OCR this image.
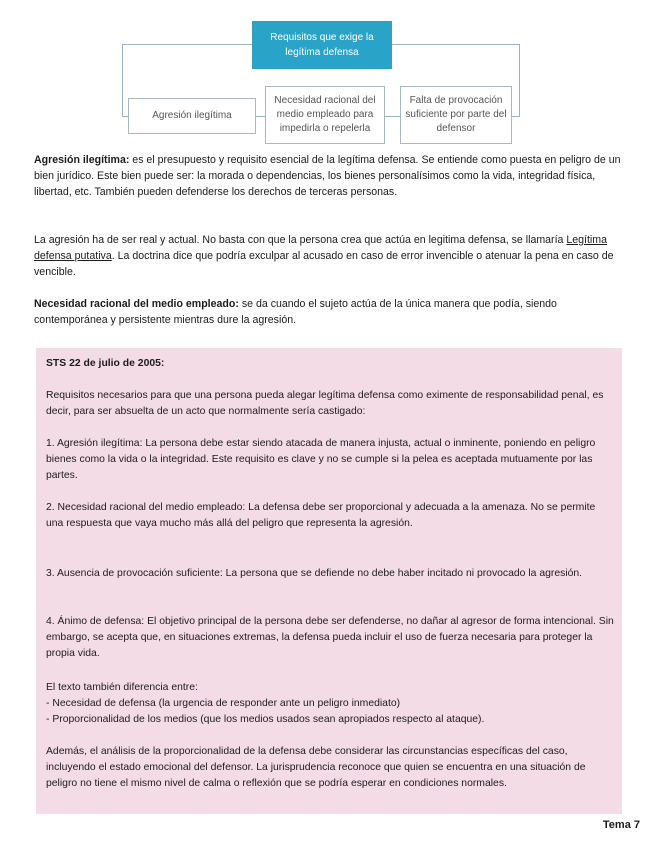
Requisitos que exige la legítima defensa
Agresión ilegítima
Necesidad racional del medio empleado para impedirla o repelerla
Falta de provocación suficiente por parte del defensor

Agresión ilegítima: es el presupuesto y requisito esencial de la legítima defensa. Se entiende como puesta en peligro de un bien jurídico. Este bien puede ser: la morada o dependencias, los bienes personalísimos como la vida, integridad física, libertad, etc. También pueden defenderse los derechos de terceras personas.

La agresión ha de ser real y actual. No basta con que la persona crea que actúa en legitima defensa, se llamaría Legítima defensa putativa. La doctrina dice que podría exculpar al acusado en caso de error invencible o atenuar la pena en caso de vencible.

Necesidad racional del medio empleado: se da cuando el sujeto actúa de la única manera que podía, siendo contemporánea y persistente mientras dure la agresión.

STS 22 de julio de 2005:

Requisitos necesarios para que una persona pueda alegar legítima defensa como eximente de responsabilidad penal, es decir, para ser absuelta de un acto que normalmente sería castigado:

1. Agresión ilegítima: La persona debe estar siendo atacada de manera injusta, actual o inminente, poniendo en peligro bienes como la vida o la integridad. Este requisito es clave y no se cumple si la pelea es aceptada mutuamente por las partes.

2. Necesidad racional del medio empleado: La defensa debe ser proporcional y adecuada a la amenaza. No se permite una respuesta que vaya mucho más allá del peligro que representa la agresión.

3. Ausencia de provocación suficiente: La persona que se defiende no debe haber incitado ni provocado la agresión.

4. Ánimo de defensa: El objetivo principal de la persona debe ser defenderse, no dañar al agresor de forma intencional. Sin embargo, se acepta que, en situaciones extremas, la defensa pueda incluir el uso de fuerza necesaria para proteger la propia vida.

El texto también diferencia entre:

- Necesidad de defensa (la urgencia de responder ante un peligro inmediato)

- Proporcionalidad de los medios (que los medios usados sean apropiados respecto al ataque).

Además, el análisis de la proporcionalidad de la defensa debe considerar las circunstancias específicas del caso, incluyendo el estado emocional del defensor. La jurisprudencia reconoce que quien se encuentra en una situación de peligro no tiene el mismo nivel de calma o reflexión que se podría esperar en condiciones normales.

Tema 7
